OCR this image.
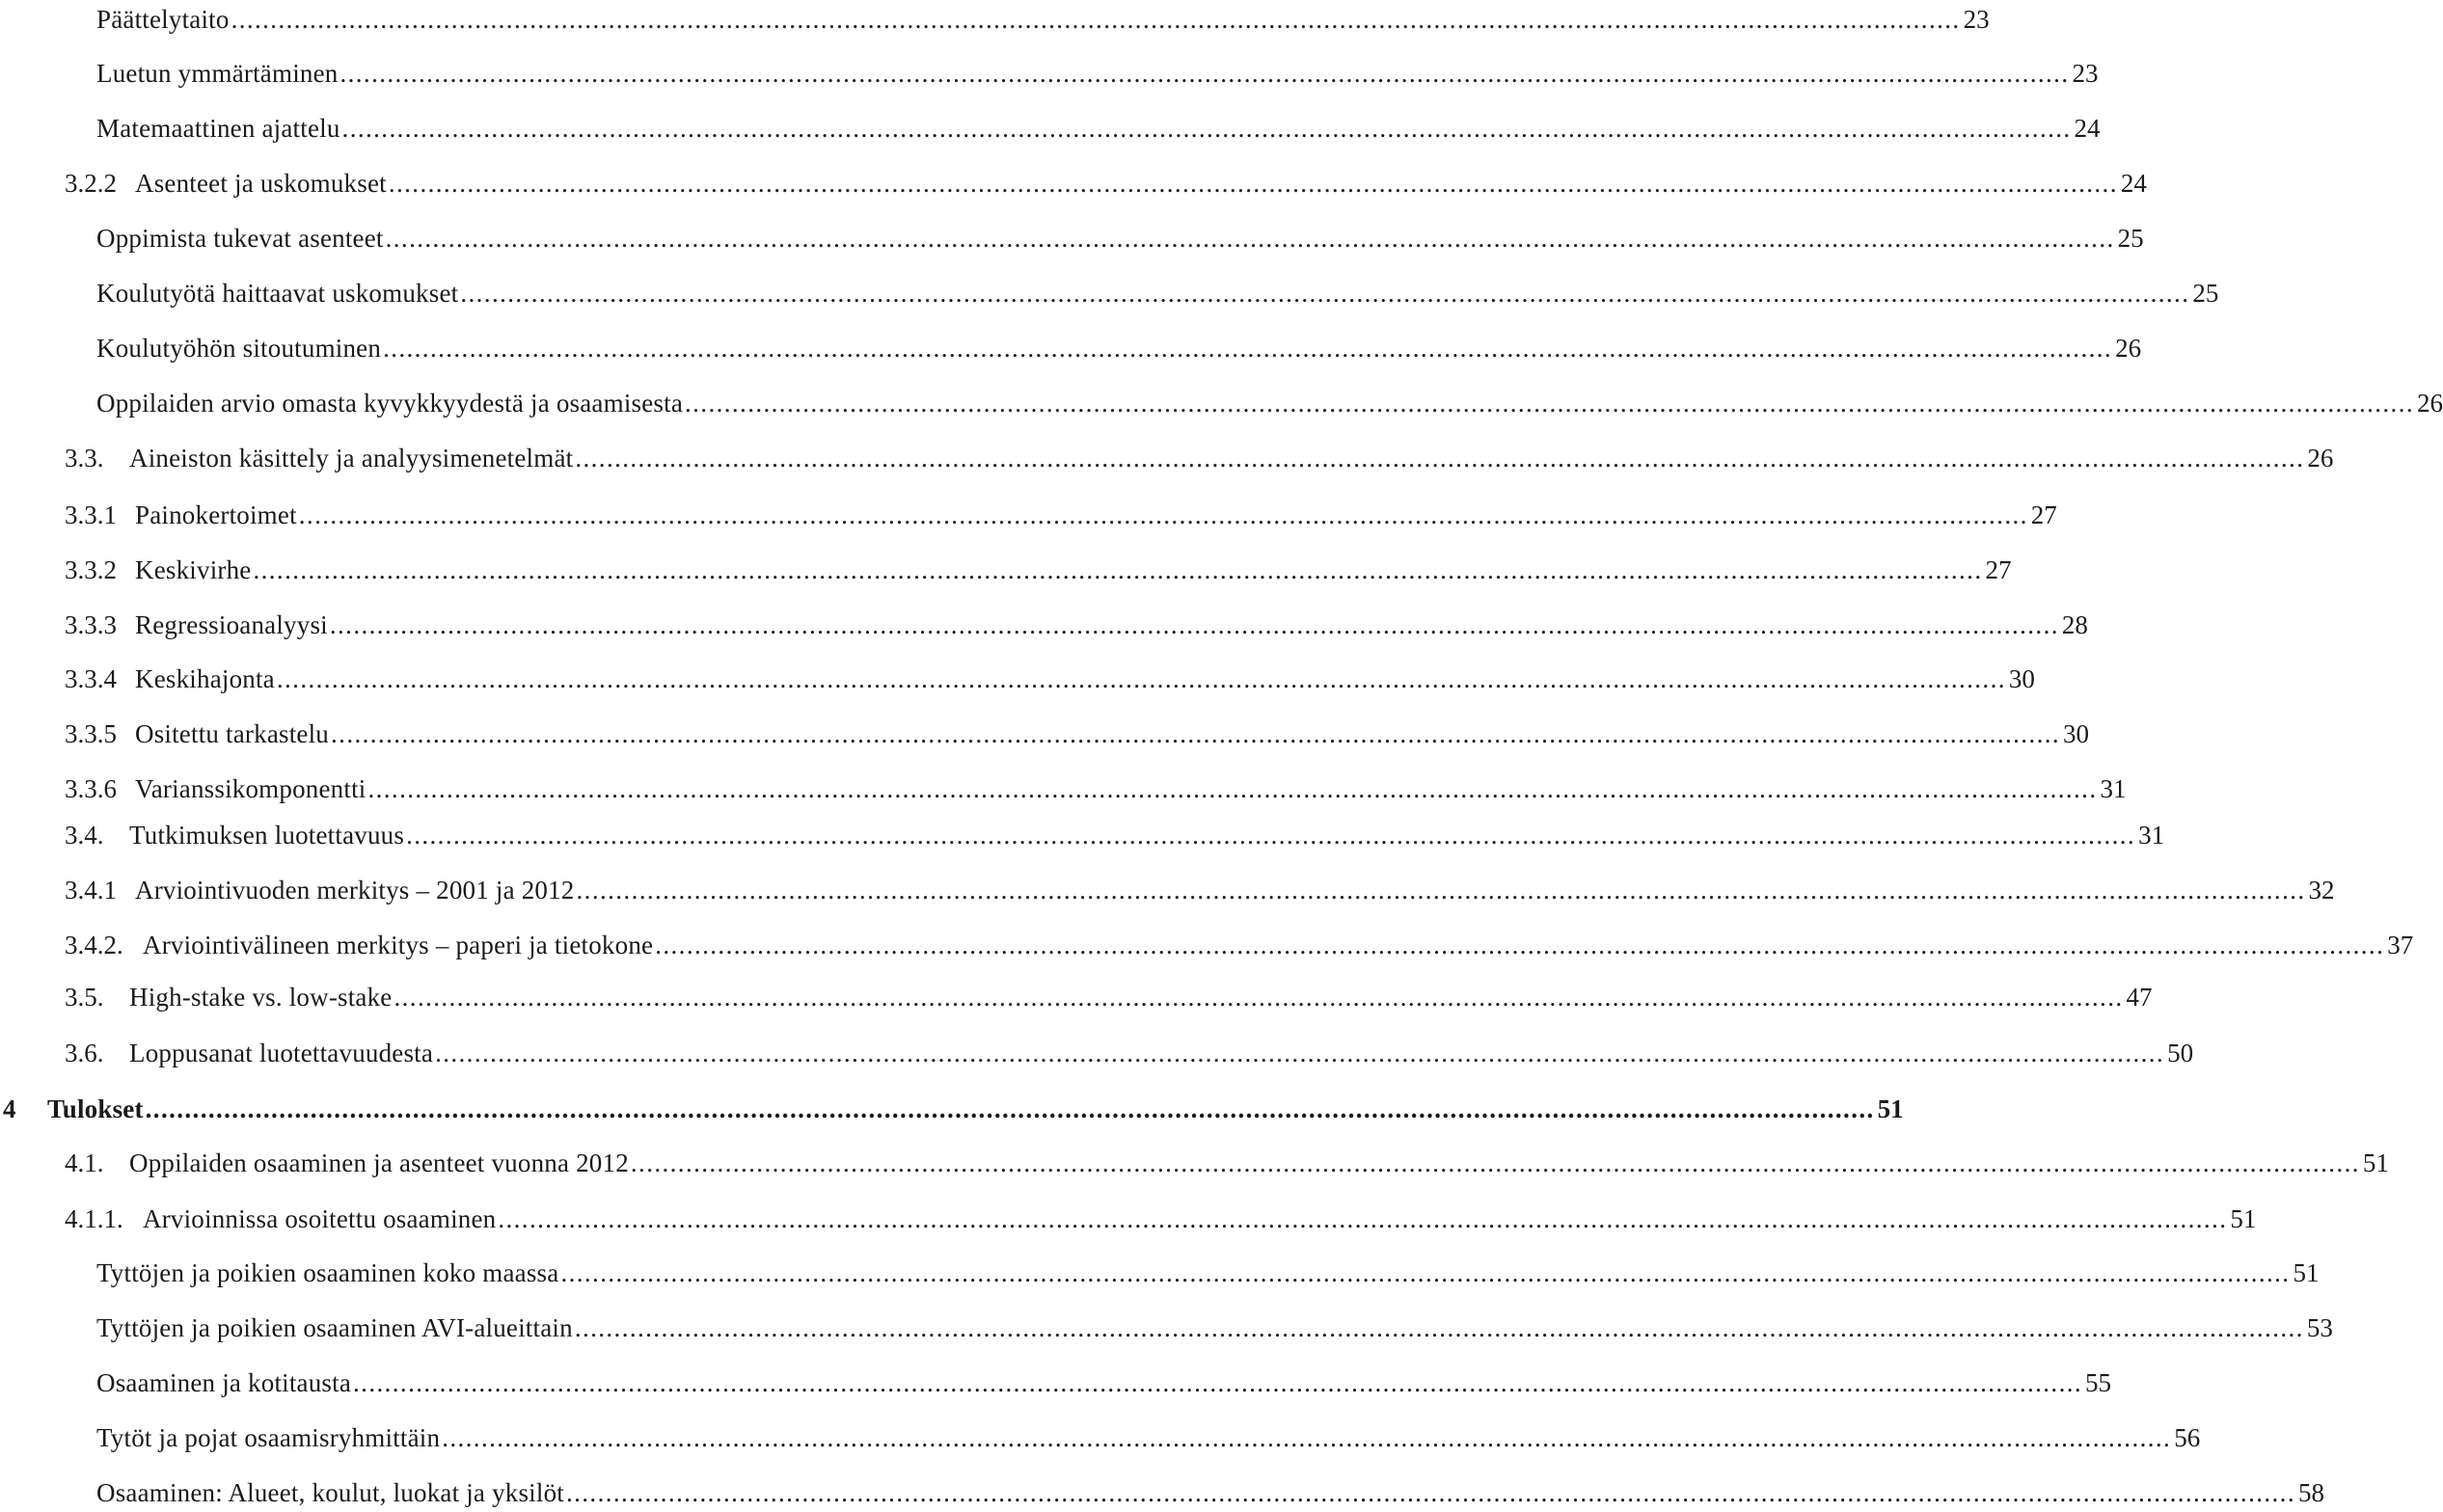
Päättelytaito ............................................................................................................................................................................................................................ 23
Luetun ymmärtäminen ............................................................................................................................................................................................................................ 23
Matemaattinen ajattelu ............................................................................................................................................................................................................................ 24
3.2.2 Asenteet ja uskomukset ............................................................................................................................................................................................................................ 24
Oppimista tukevat asenteet ............................................................................................................................................................................................................................ 25
Koulutyötä haittaavat uskomukset ............................................................................................................................................................................................................................ 25
Koulutyöhön sitoutuminen ............................................................................................................................................................................................................................ 26
Oppilaiden arvio omasta kyvykkyydestä ja osaamisesta ............................................................................................................................................................................................................................ 26
3.3. Aineiston käsittely ja analyysimenetelmät ............................................................................................................................................................................................................................ 26
3.3.1 Painokertoimet ............................................................................................................................................................................................................................ 27
3.3.2 Keskivirhe ............................................................................................................................................................................................................................ 27
3.3.3 Regressioanalyysi ............................................................................................................................................................................................................................ 28
3.3.4 Keskihajonta ............................................................................................................................................................................................................................ 30
3.3.5 Ositettu tarkastelu ............................................................................................................................................................................................................................ 30
3.3.6 Varianssikomponentti ............................................................................................................................................................................................................................ 31
3.4. Tutkimuksen luotettavuus ............................................................................................................................................................................................................................ 31
3.4.1 Arviointivuoden merkitys – 2001 ja 2012 ............................................................................................................................................................................................................................ 32
3.4.2. Arviointivälineen merkitys – paperi ja tietokone ............................................................................................................................................................................................................................ 37
3.5. High-stake vs. low-stake ............................................................................................................................................................................................................................ 47
3.6. Loppusanat luotettavuudesta ............................................................................................................................................................................................................................ 50
4	Tulokset ............................................................................................................................................................................................................................ 51
4.1. Oppilaiden osaaminen ja asenteet vuonna 2012 ............................................................................................................................................................................................................................ 51
4.1.1. Arvioinnissa osoitettu osaaminen ............................................................................................................................................................................................................................ 51
Tyttöjen ja poikien osaaminen koko maassa ............................................................................................................................................................................................................................ 51
Tyttöjen ja poikien osaaminen AVI-alueittain ............................................................................................................................................................................................................................ 53
Osaaminen ja kotitausta ............................................................................................................................................................................................................................ 55
Tytöt ja pojat osaamisryhmittäin ............................................................................................................................................................................................................................ 56
Osaaminen: Alueet, koulut, luokat ja yksilöt ............................................................................................................................................................................................................................ 58
